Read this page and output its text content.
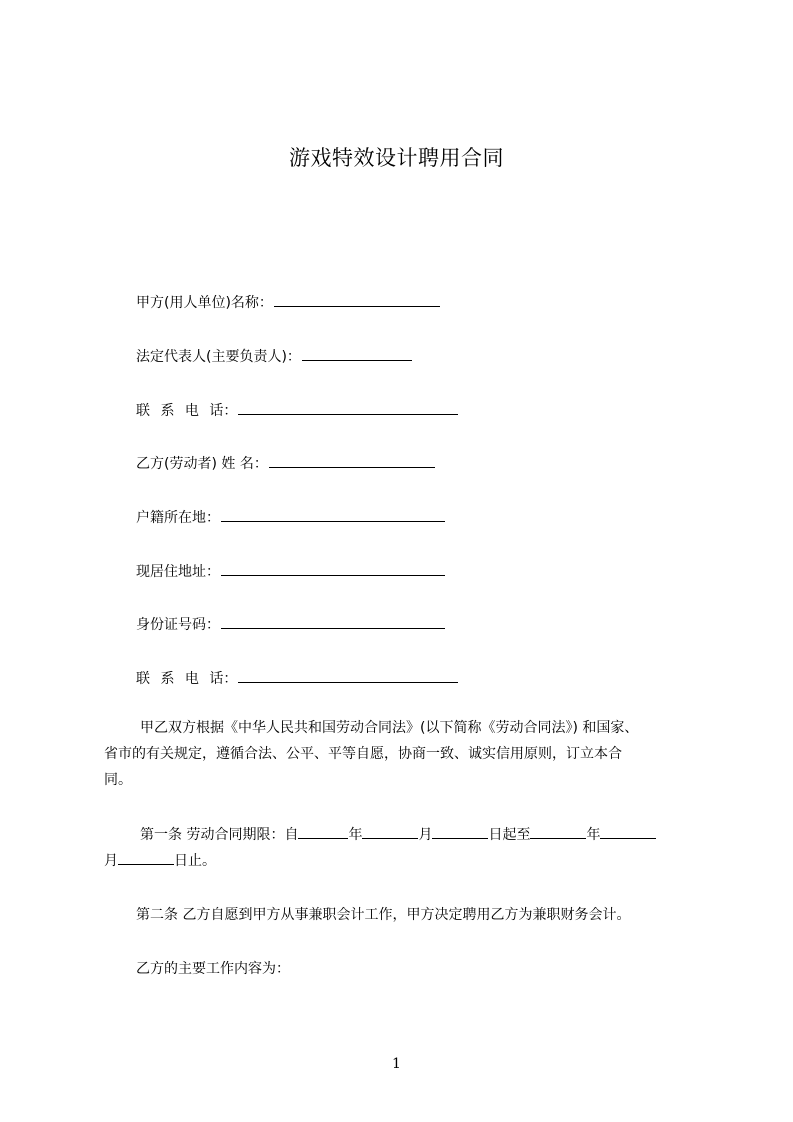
游戏特效设计聘用合同
甲方(用人单位)名称：
法定代表人(主要负责人)：
联 系 电 话：
乙方(劳动者) 姓 名：
户籍所在地：
现居住地址：
身份证号码：
联 系 电 话：
甲乙双方根据《中华人民共和国劳动合同法》(以下简称《劳动合同法》) 和国家、
省市的有关规定，遵循合法、公平、平等自愿，协商一致、诚实信用原则，订立本合
同。
第一条 劳动合同期限：自	年	月	日起至	年
月	日止。
第二条 乙方自愿到甲方从事兼职会计工作，甲方决定聘用乙方为兼职财务会计。
乙方的主要工作内容为：
1
